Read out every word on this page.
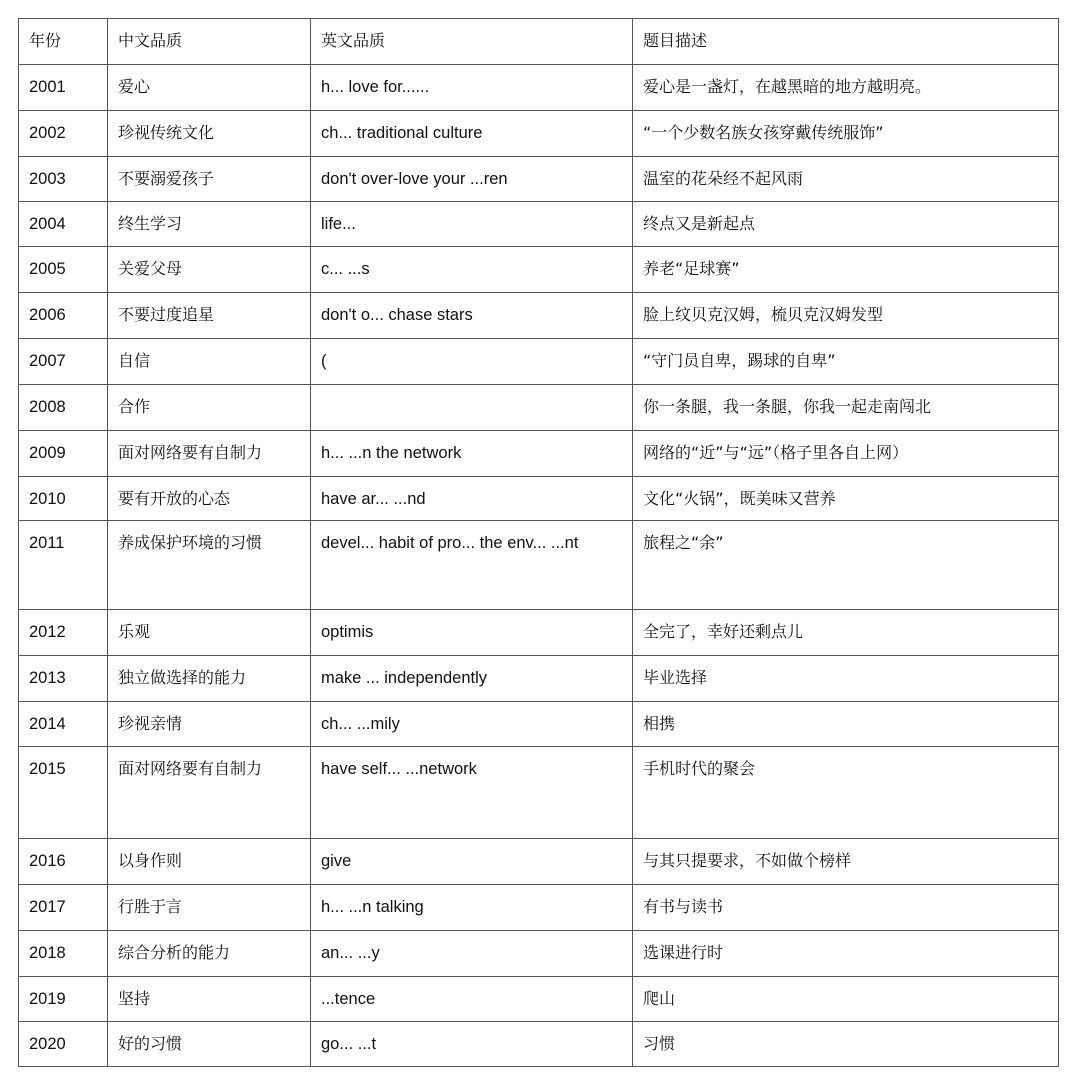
年份	中文品质	英文品质	题目描述
2001	爱心	h... love for......	爱心是一盏灯，在越黑暗的地方越明亮。
2002	珍视传统文化	ch... traditional culture	“一个少数名族女孩穿戴传统服饰”
2003	不要溺爱孩子	don't over-love your ...ren	温室的花朵经不起风雨
2004	终生学习	life...	终点又是新起点
2005	关爱父母	c... ...s	养老“足球赛”
2006	不要过度追星	don't o... chase stars	脸上纹贝克汉姆，梳贝克汉姆发型
2007	自信	(	“守门员自卑，踢球的自卑”
2008	合作		你一条腿，我一条腿，你我一起走南闯北
2009	面对网络要有自制力	h... ...n the network	网络的“近”与“远”（格子里各自上网）
2010	要有开放的心态	have ar... ...nd	文化“火锅”，既美味又营养
2011	养成保护环境的习惯	devel... habit of pro... the env... ...nt	旅程之“余”
2012	乐观	optimis	全完了，幸好还剩点儿
2013	独立做选择的能力	make ... independently	毕业选择
2014	珍视亲情	ch... ...mily	相携
2015	面对网络要有自制力	have self... ...network	手机时代的聚会
2016	以身作则	give	与其只提要求，不如做个榜样
2017	行胜于言	h... ...n talking	有书与读书
2018	综合分析的能力	an... ...y	选课进行时
2019	坚持	...tence	爬山
2020	好的习惯	go... ...t	习惯
